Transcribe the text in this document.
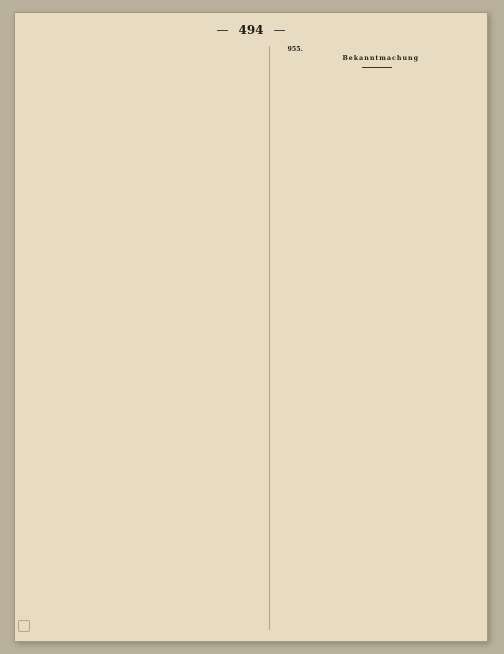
— 494 —

955.

Bekanntmachung
